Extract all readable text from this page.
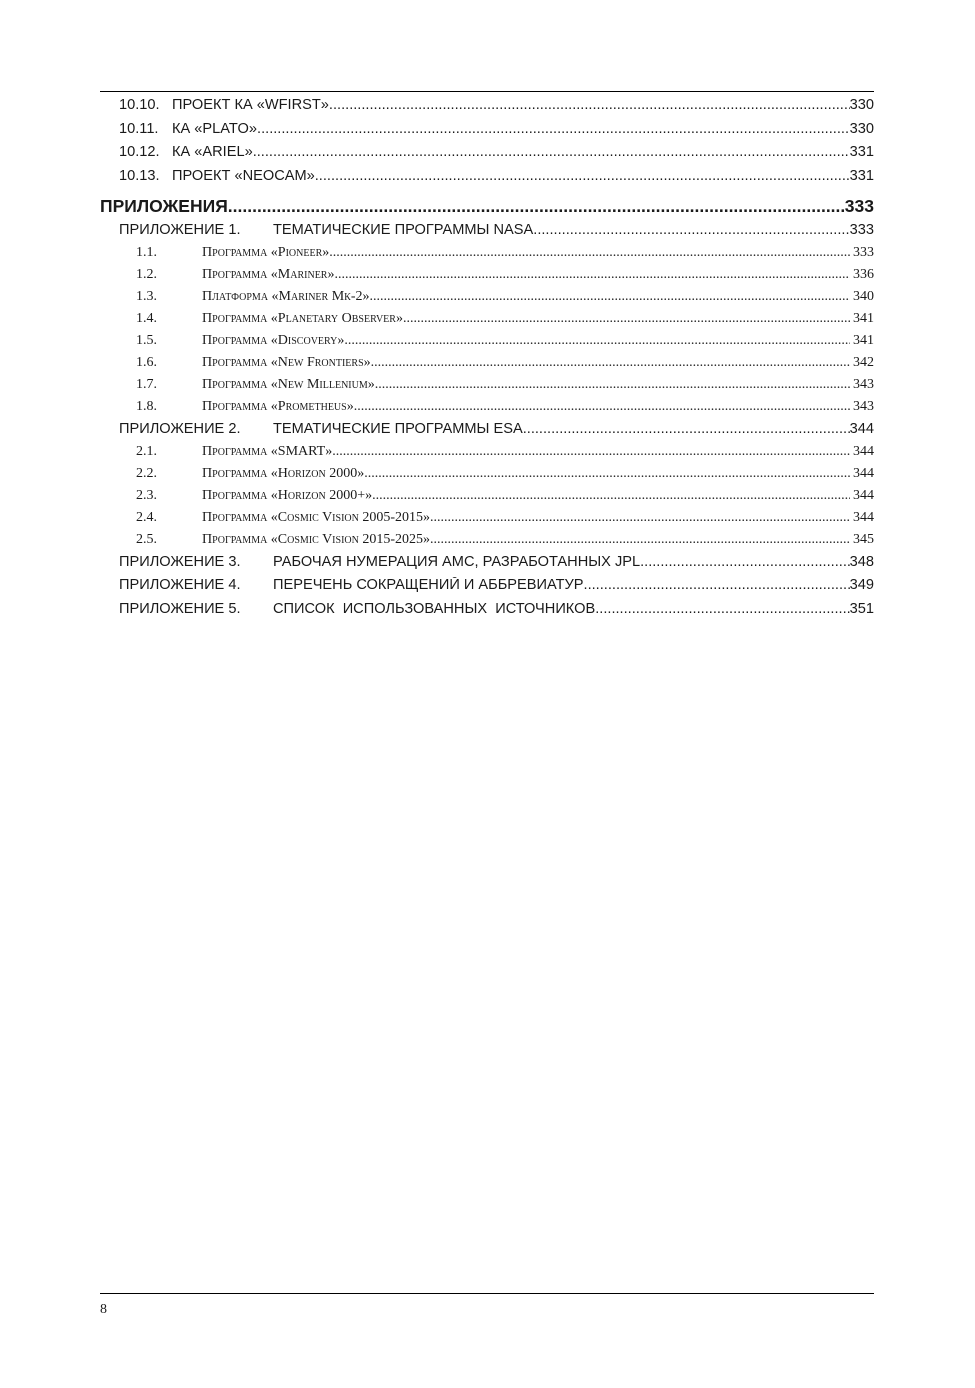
10.10. ПРОЕКТ КА «WFIRST» .....	330
10.11. КА «PLATO» .....	330
10.12. КА «ARIEL» .....	331
10.13. ПРОЕКТ «NEOCAM» .....	331
ПРИЛОЖЕНИЯ .....	333
ПРИЛОЖЕНИЕ 1.	ТЕМАТИЧЕСКИЕ ПРОГРАММЫ NASA .....	333
1.1.	Программа «Pioneer» .....	333
1.2.	Программа «Mariner» .....	336
1.3.	Платформа «Mariner Мк-2» .....	340
1.4.	Программа «Planetary Observer» .....	341
1.5.	Программа «Discovery» .....	341
1.6.	Программа «New Frontiers» .....	342
1.7.	Программа «New Millenium» .....	343
1.8.	Программа «Prometheus» .....	343
ПРИЛОЖЕНИЕ 2.	ТЕМАТИЧЕСКИЕ ПРОГРАММЫ ESA .....	344
2.1.	Программа «SMART» .....	344
2.2.	Программа «Horizon 2000» .....	344
2.3.	Программа «Horizon 2000+» .....	344
2.4.	Программа «Cosmic Vision 2005-2015» .....	344
2.5.	Программа «Cosmic Vision 2015-2025» .....	345
ПРИЛОЖЕНИЕ 3.	РАБОЧАЯ НУМЕРАЦИЯ АМС, РАЗРАБОТАННЫХ JPL .....	348
ПРИЛОЖЕНИЕ 4.	ПЕРЕЧЕНЬ СОКРАЩЕНИЙ И АББРЕВИАТУР .....	349
ПРИЛОЖЕНИЕ 5.	СПИСОК  ИСПОЛЬЗОВАННЫХ  ИСТОЧНИКОВ .....	351
8
